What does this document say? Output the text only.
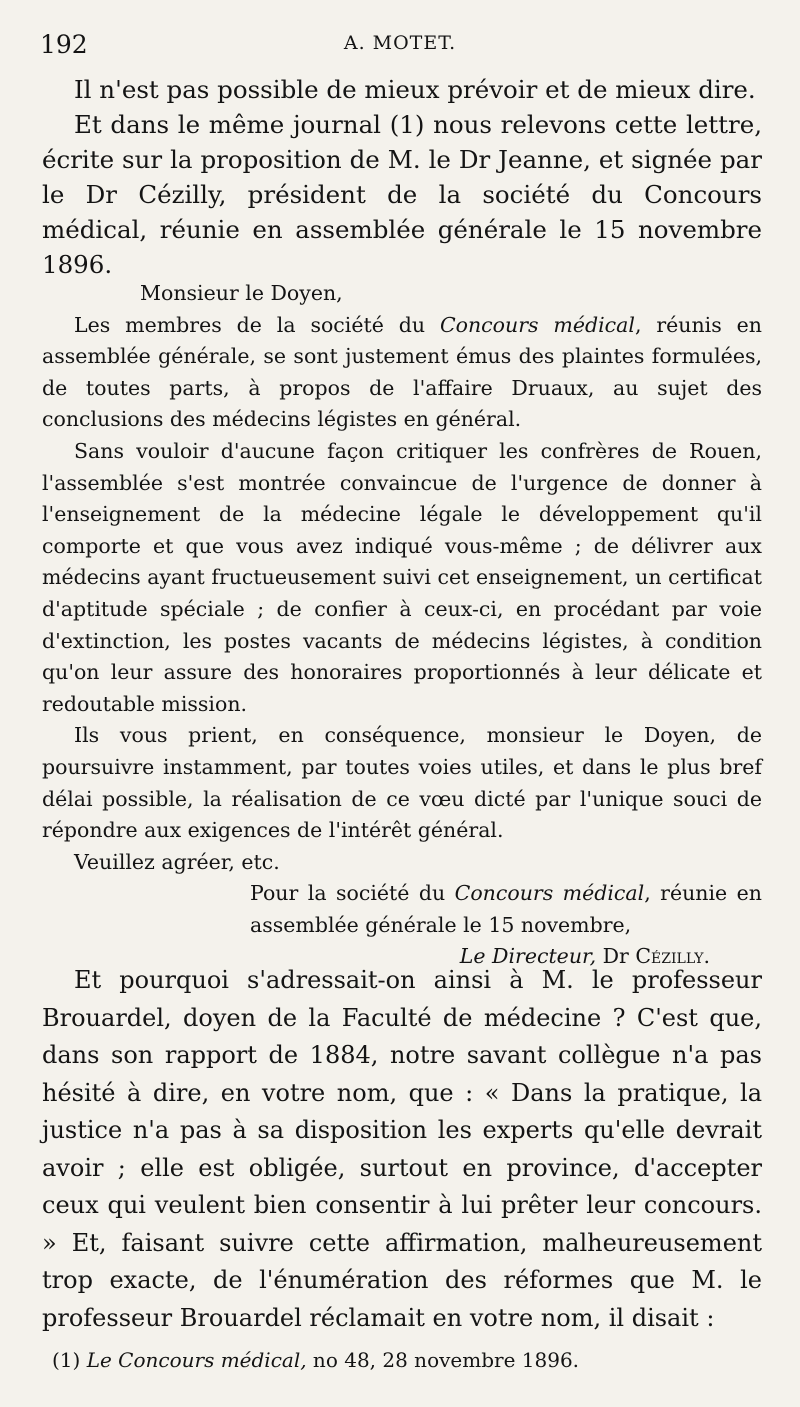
192	A. MOTET.

Il n'est pas possible de mieux prévoir et de mieux dire.

Et dans le même journal (1) nous relevons cette lettre, écrite sur la proposition de M. le Dr Jeanne, et signée par le Dr Cézilly, président de la société du Concours médical, réunie en assemblée générale le 15 novembre 1896.

Monsieur le Doyen,

Les membres de la société du Concours médical, réunis en assemblée générale, se sont justement émus des plaintes formulées, de toutes parts, à propos de l'affaire Druaux, au sujet des conclusions des médecins légistes en général.

Sans vouloir d'aucune façon critiquer les confrères de Rouen, l'assemblée s'est montrée convaincue de l'urgence de donner à l'enseignement de la médecine légale le développement qu'il comporte et que vous avez indiqué vous-même ; de délivrer aux médecins ayant fructueusement suivi cet enseignement, un certificat d'aptitude spéciale ; de confier à ceux-ci, en procédant par voie d'extinction, les postes vacants de médecins légistes, à condition qu'on leur assure des honoraires proportionnés à leur délicate et redoutable mission.

Ils vous prient, en conséquence, monsieur le Doyen, de poursuivre instamment, par toutes voies utiles, et dans le plus bref délai possible, la réalisation de ce vœu dicté par l'unique souci de répondre aux exigences de l'intérêt général.

Veuillez agréer, etc.

Pour la société du Concours médical, réunie en assemblée générale le 15 novembre,

Le Directeur, Dr Cézilly.

Et pourquoi s'adressait-on ainsi à M. le professeur Brouardel, doyen de la Faculté de médecine ? C'est que, dans son rapport de 1884, notre savant collègue n'a pas hésité à dire, en votre nom, que : « Dans la pratique, la justice n'a pas à sa disposition les experts qu'elle devrait avoir ; elle est obligée, surtout en province, d'accepter ceux qui veulent bien consentir à lui prêter leur concours. » Et, faisant suivre cette affirmation, malheureusement trop exacte, de l'énumération des réformes que M. le professeur Brouardel réclamait en votre nom, il disait :

(1) Le Concours médical, no 48, 28 novembre 1896.
